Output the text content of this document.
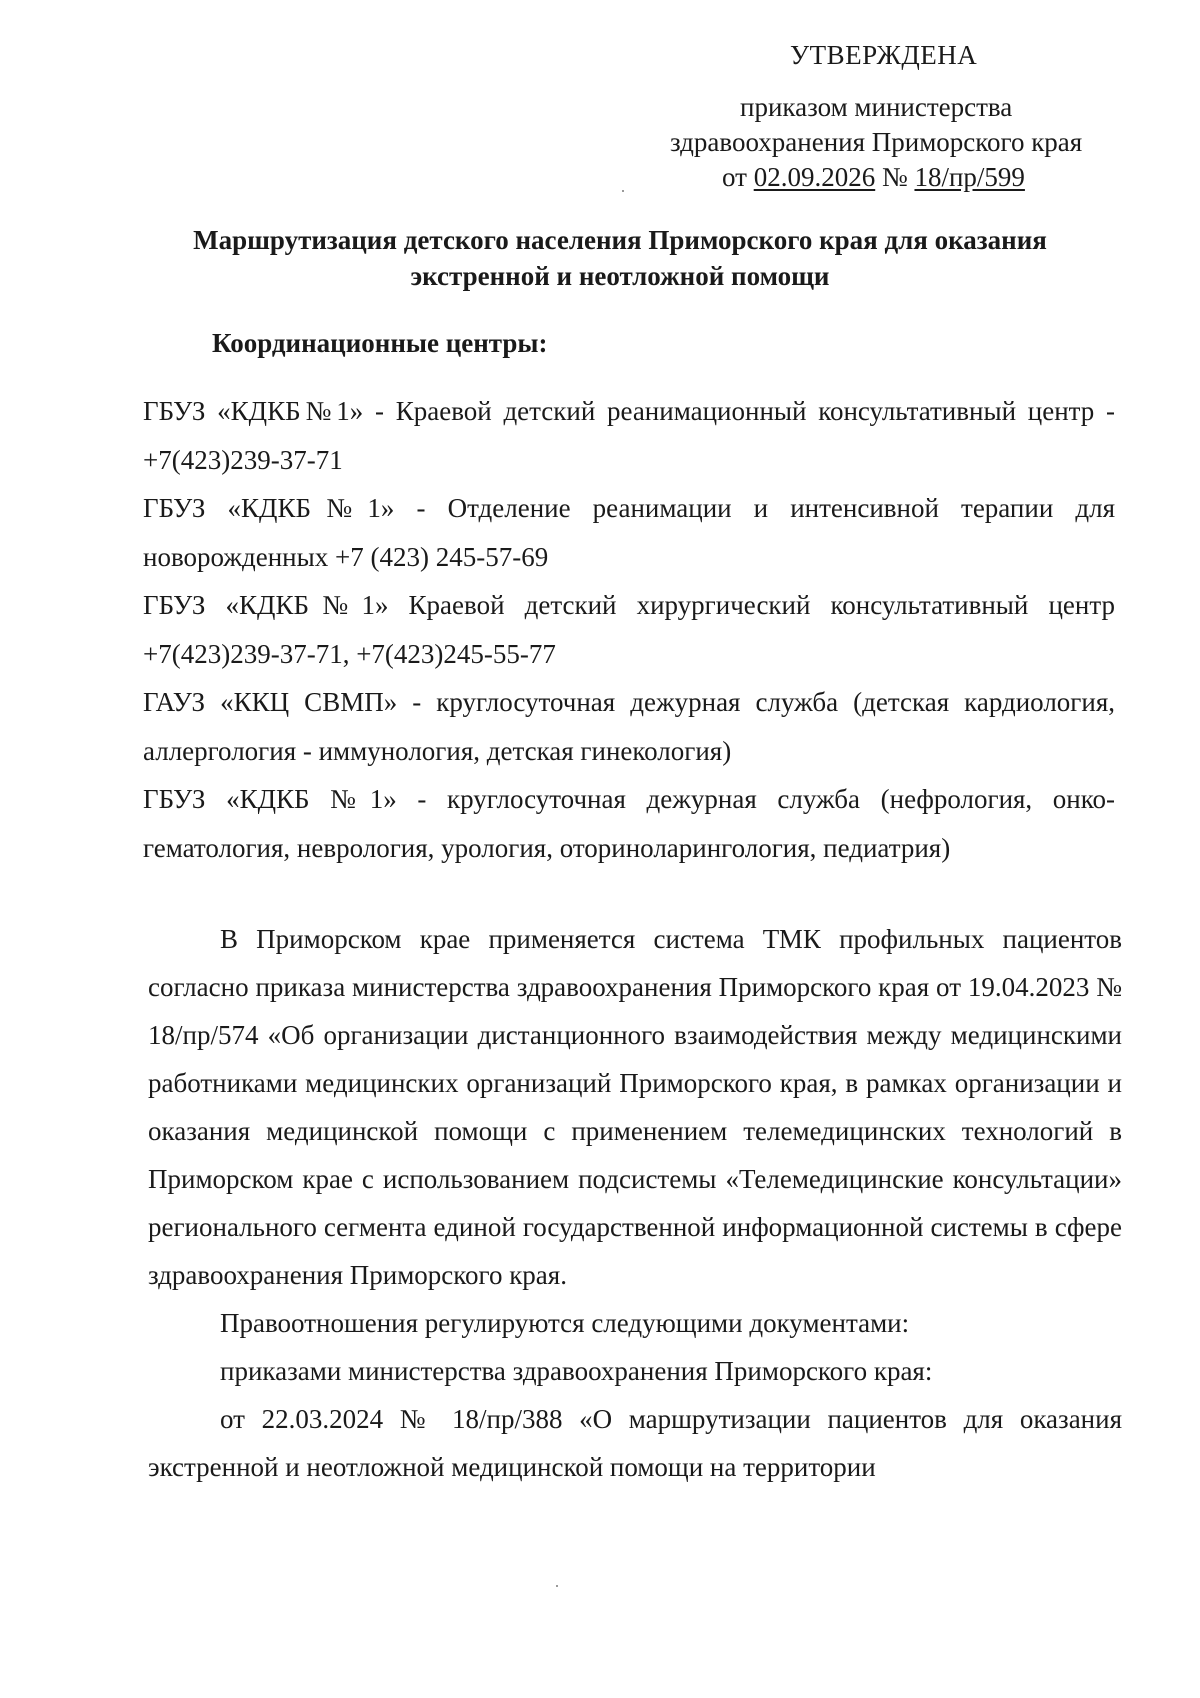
УТВЕРЖДЕНА
приказом министерства
здравоохранения Приморского края
от 02.09.2026 № 18/пр/599
Маршрутизация детского населения Приморского края для оказания
экстренной и неотложной помощи
Координационные центры:

ГБУЗ «КДКБ№1» - Краевой детский реанимационный консультативный центр - +7(423)239-37-71

ГБУЗ «КДКБ№1» - Отделение реанимации и интенсивной терапии для новорожденных +7 (423) 245-57-69

ГБУЗ «КДКБ№1» Краевой детский хирургический консультативный центр +7(423)239-37-71, +7(423)245-55-77

ГАУЗ «ККЦ СВМП» - круглосуточная дежурная служба (детская кардиология, аллергология - иммунология, детская гинекология)

ГБУЗ «КДКБ №1» - круглосуточная дежурная служба (нефрология, онко-гематология, неврология, урология, оториноларингология, педиатрия)

В Приморском крае применяется система ТМК профильных пациентов согласно приказа министерства здравоохранения Приморского края от 19.04.2023 № 18/пр/574 «Об организации дистанционного взаимодействия между медицинскими работниками медицинских организаций Приморского края, в рамках организации и оказания медицинской помощи с применением телемедицинских технологий в Приморском крае с использованием подсистемы «Телемедицинские консультации» регионального сегмента единой государственной информационной системы в сфере здравоохранения Приморского края.

Правоотношения регулируются следующими документами:

приказами министерства здравоохранения Приморского края:

от 22.03.2024 № 18/пр/388 «О маршрутизации пациентов для оказания экстренной и неотложной медицинской помощи на территории
